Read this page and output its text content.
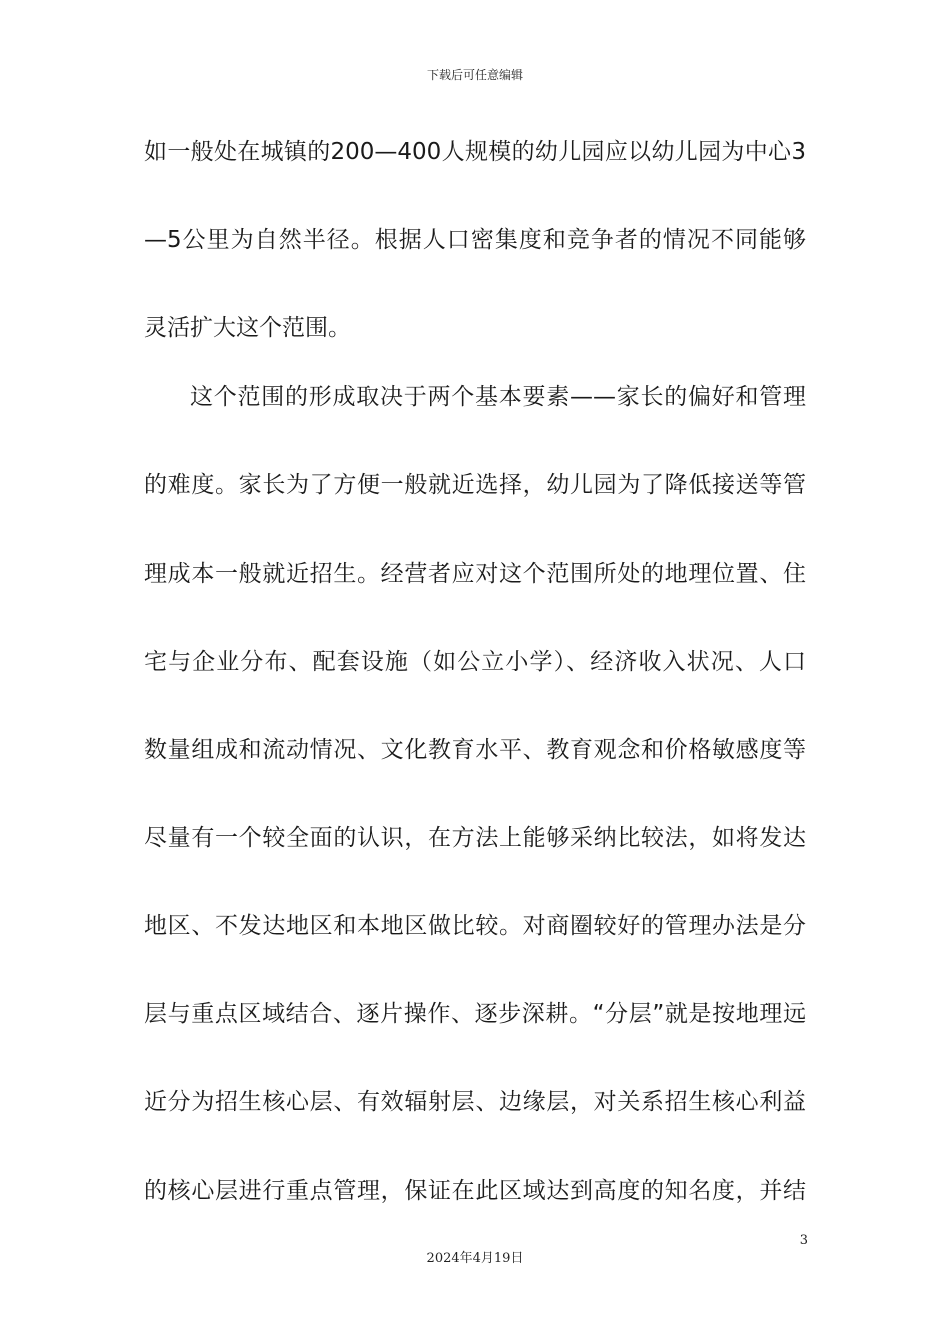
下载后可任意编辑
如一般处在城镇的200—400人规模的幼儿园应以幼儿园为中心3
—5公里为自然半径。根据人口密集度和竞争者的情况不同能够
灵活扩大这个范围。
这个范围的形成取决于两个基本要素——家长的偏好和管理
的难度。家长为了方便一般就近选择，幼儿园为了降低接送等管
理成本一般就近招生。经营者应对这个范围所处的地理位置、住
宅与企业分布、配套设施（如公立小学）、经济收入状况、人口
数量组成和流动情况、文化教育水平、教育观念和价格敏感度等
尽量有一个较全面的认识，在方法上能够采纳比较法，如将发达
地区、不发达地区和本地区做比较。对商圈较好的管理办法是分
层与重点区域结合、逐片操作、逐步深耕。“分层”就是按地理远
近分为招生核心层、有效辐射层、边缘层，对关系招生核心利益
的核心层进行重点管理，保证在此区域达到高度的知名度，并结
3
2024年4月19日
